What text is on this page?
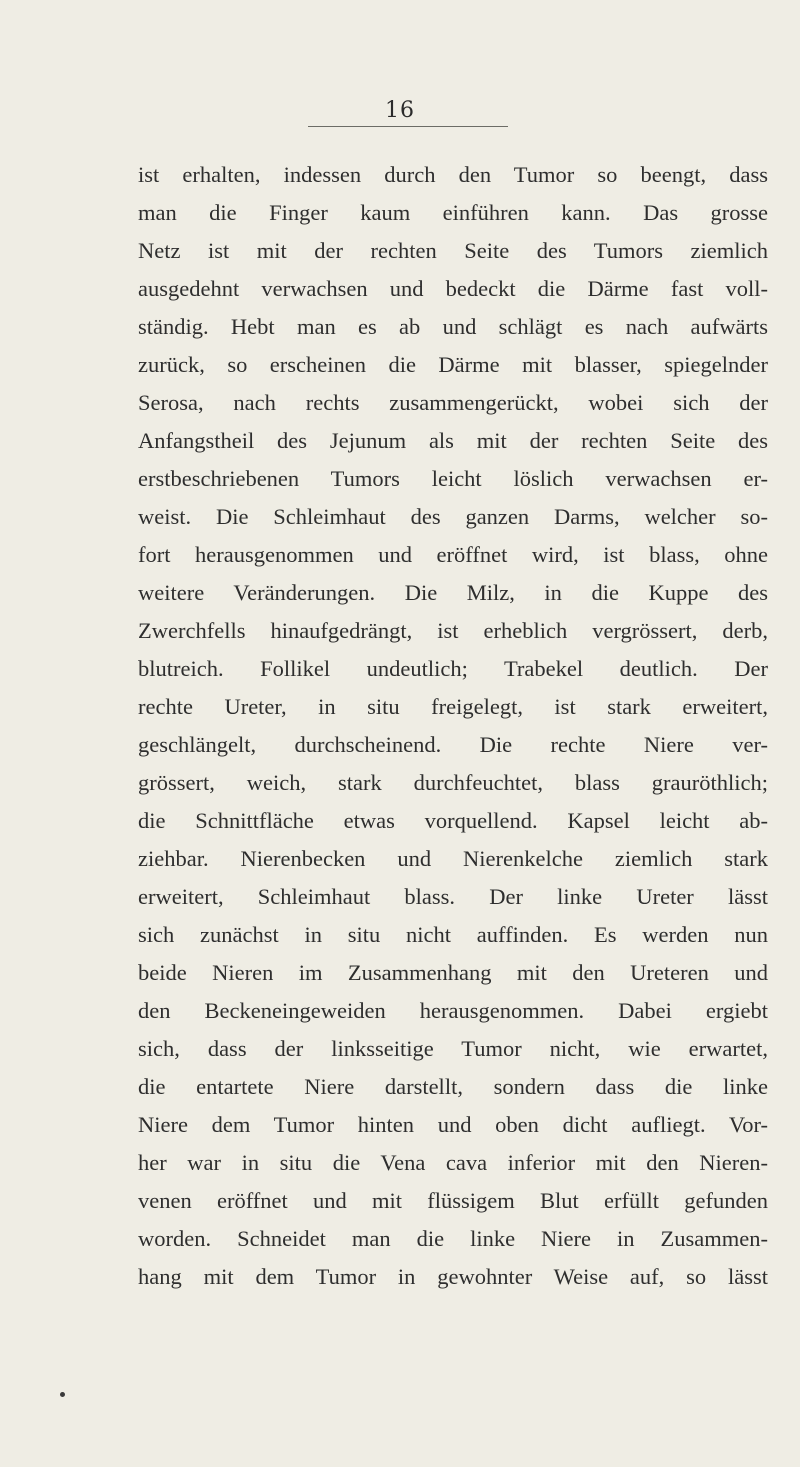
16
ist erhalten, indessen durch den Tumor so beengt, dass
man die Finger kaum einführen kann. Das grosse
Netz ist mit der rechten Seite des Tumors ziemlich
ausgedehnt verwachsen und bedeckt die Därme fast voll-
ständig. Hebt man es ab und schlägt es nach aufwärts
zurück, so erscheinen die Därme mit blasser, spiegelnder
Serosa, nach rechts zusammengerückt, wobei sich der
Anfangstheil des Jejunum als mit der rechten Seite des
erstbeschriebenen Tumors leicht löslich verwachsen er-
weist. Die Schleimhaut des ganzen Darms, welcher so-
fort herausgenommen und eröffnet wird, ist blass, ohne
weitere Veränderungen. Die Milz, in die Kuppe des
Zwerchfells hinaufgedrängt, ist erheblich vergrössert, derb,
blutreich. Follikel undeutlich; Trabekel deutlich. Der
rechte Ureter, in situ freigelegt, ist stark erweitert,
geschlängelt, durchscheinend. Die rechte Niere ver-
grössert, weich, stark durchfeuchtet, blass grauröthlich;
die Schnittfläche etwas vorquellend. Kapsel leicht ab-
ziehbar. Nierenbecken und Nierenkelche ziemlich stark
erweitert, Schleimhaut blass. Der linke Ureter lässt
sich zunächst in situ nicht auffinden. Es werden nun
beide Nieren im Zusammenhang mit den Ureteren und
den Beckeneingeweiden herausgenommen. Dabei ergiebt
sich, dass der linksseitige Tumor nicht, wie erwartet,
die entartete Niere darstellt, sondern dass die linke
Niere dem Tumor hinten und oben dicht aufliegt. Vor-
her war in situ die Vena cava inferior mit den Nieren-
venen eröffnet und mit flüssigem Blut erfüllt gefunden
worden. Schneidet man die linke Niere in Zusammen-
hang mit dem Tumor in gewohnter Weise auf, so lässt
